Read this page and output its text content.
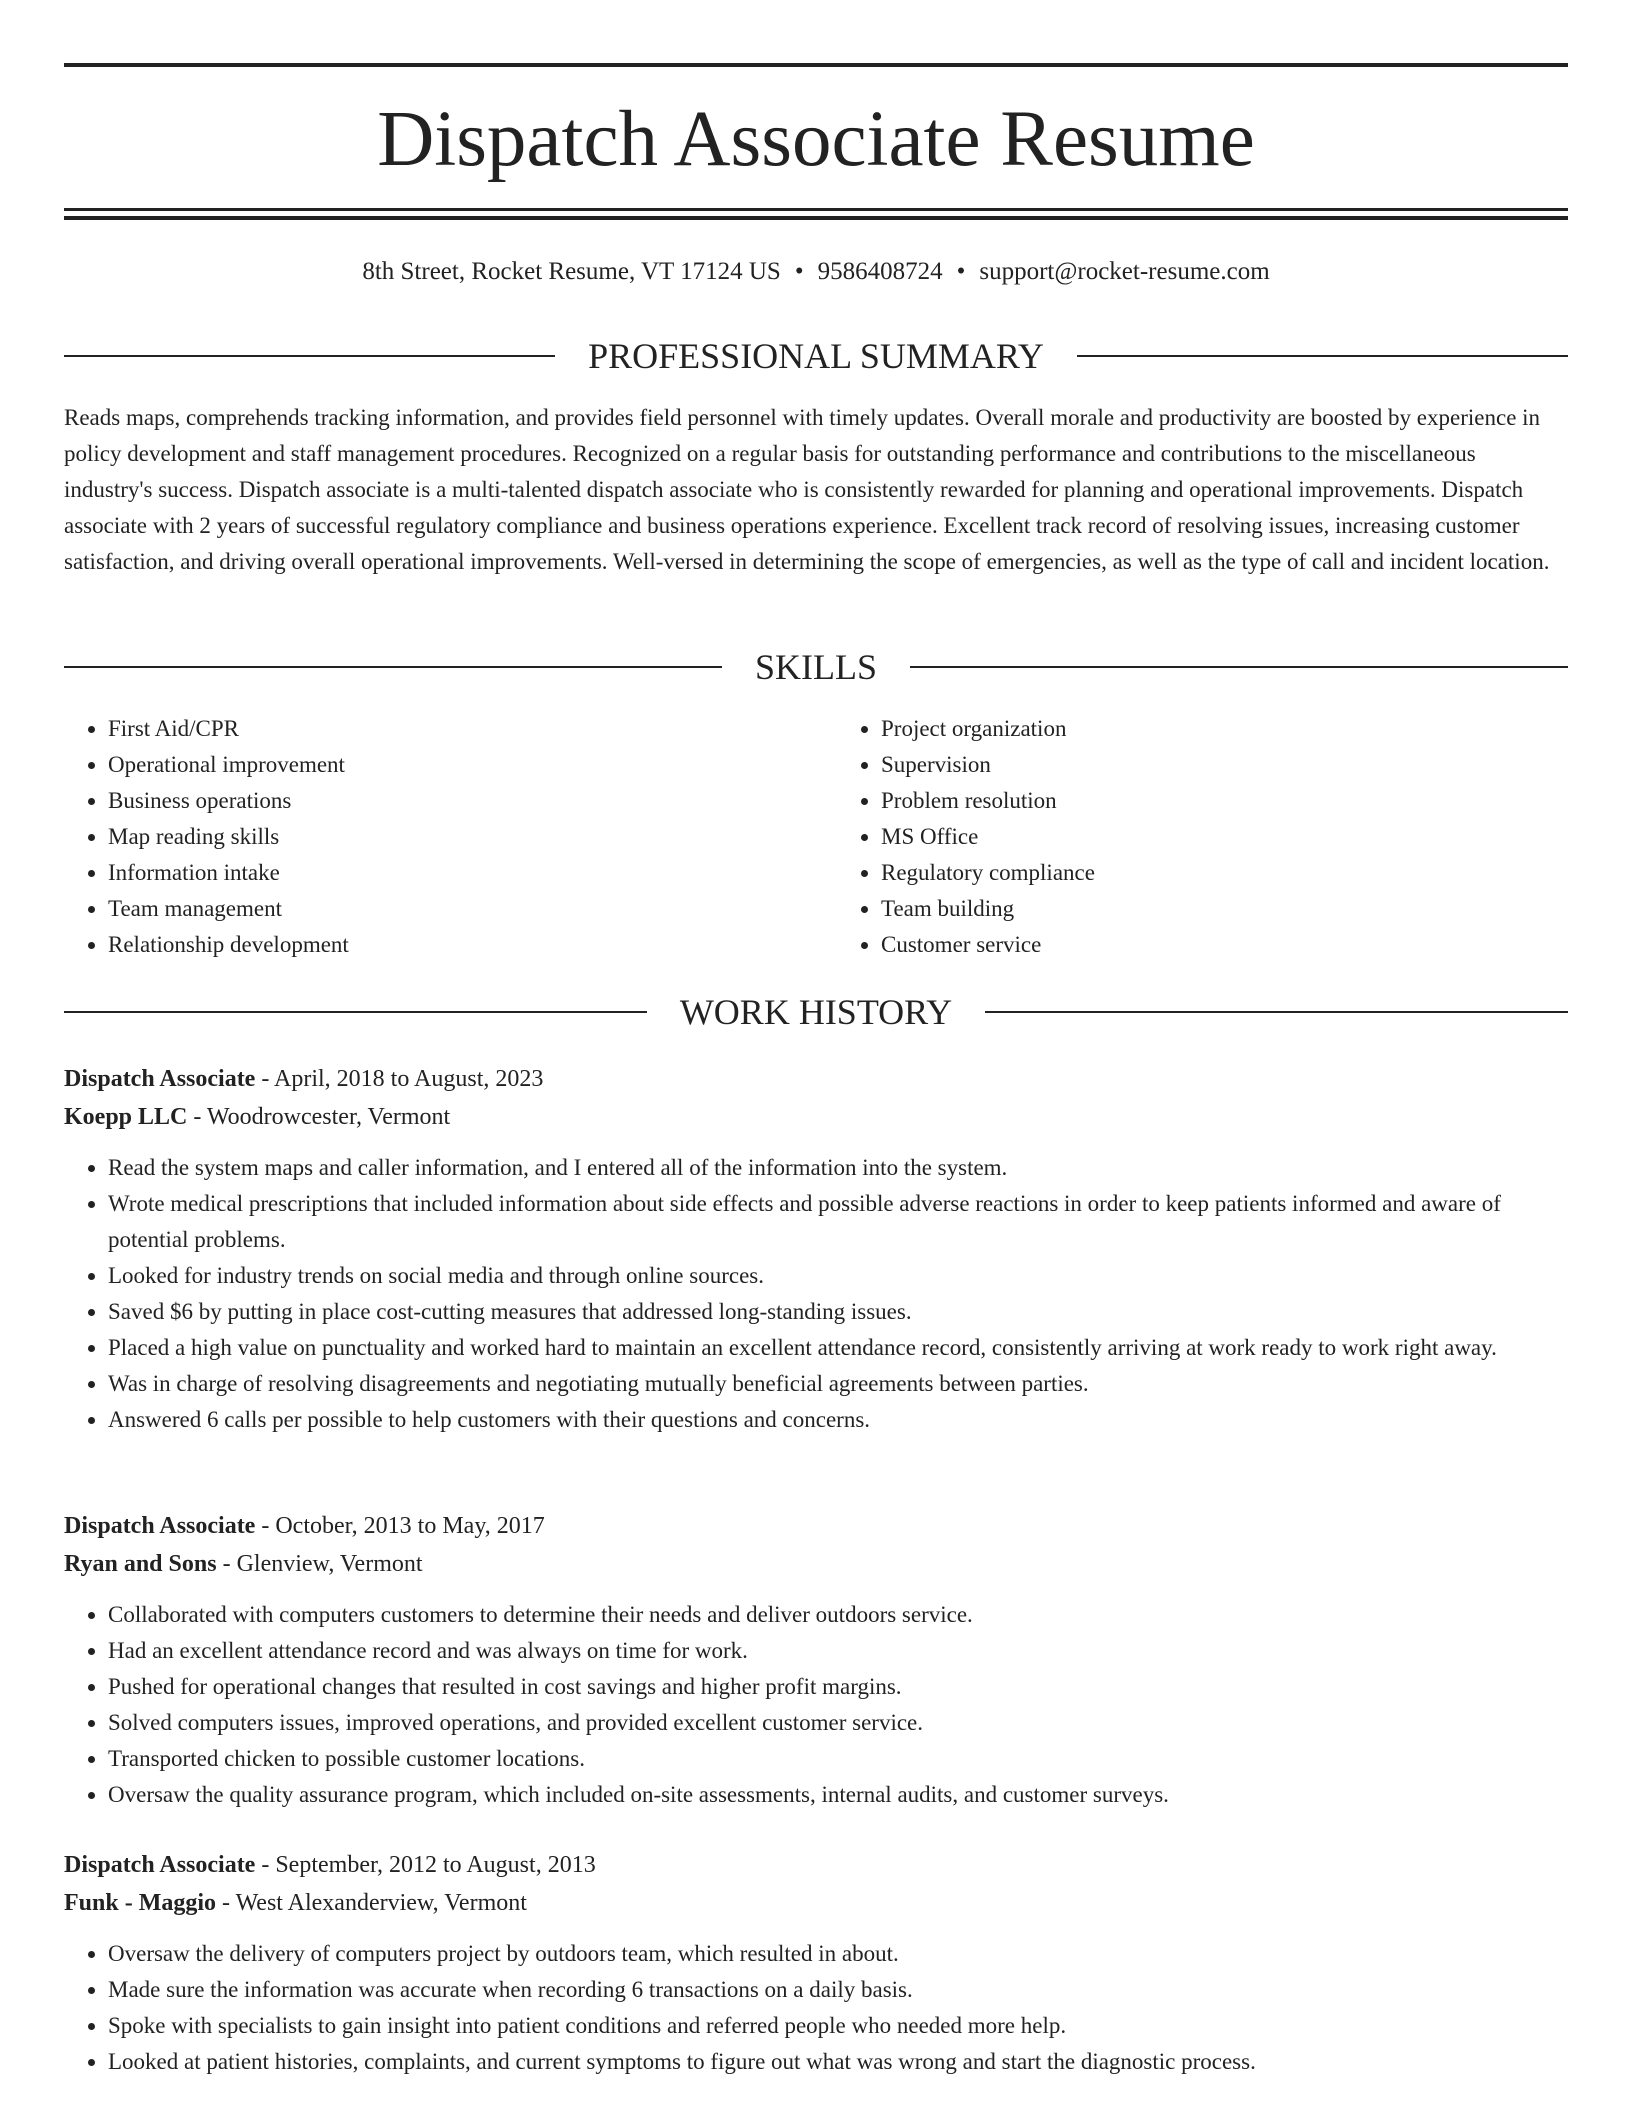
Dispatch Associate Resume
8th Street, Rocket Resume, VT 17124 US • 9586408724 • support@rocket-resume.com
PROFESSIONAL SUMMARY

Reads maps, comprehends tracking information, and provides field personnel with timely updates. Overall morale and productivity are boosted by experience in policy development and staff management procedures. Recognized on a regular basis for outstanding performance and contributions to the miscellaneous industry's success. Dispatch associate is a multi-talented dispatch associate who is consistently rewarded for planning and operational improvements. Dispatch associate with 2 years of successful regulatory compliance and business operations experience. Excellent track record of resolving issues, increasing customer satisfaction, and driving overall operational improvements. Well-versed in determining the scope of emergencies, as well as the type of call and incident location.

SKILLS
• First Aid/CPR
• Operational improvement
• Business operations
• Map reading skills
• Information intake
• Team management
• Relationship development
• Project organization
• Supervision
• Problem resolution
• MS Office
• Regulatory compliance
• Team building
• Customer service
WORK HISTORY
Dispatch Associate - April, 2018 to August, 2023
Koepp LLC - Woodrowcester, Vermont
• Read the system maps and caller information, and I entered all of the information into the system.
• Wrote medical prescriptions that included information about side effects and possible adverse reactions in order to keep patients informed and aware of potential problems.
• Looked for industry trends on social media and through online sources.
• Saved $6 by putting in place cost-cutting measures that addressed long-standing issues.
• Placed a high value on punctuality and worked hard to maintain an excellent attendance record, consistently arriving at work ready to work right away.
• Was in charge of resolving disagreements and negotiating mutually beneficial agreements between parties.
• Answered 6 calls per possible to help customers with their questions and concerns.
Dispatch Associate - October, 2013 to May, 2017
Ryan and Sons - Glenview, Vermont
• Collaborated with computers customers to determine their needs and deliver outdoors service.
• Had an excellent attendance record and was always on time for work.
• Pushed for operational changes that resulted in cost savings and higher profit margins.
• Solved computers issues, improved operations, and provided excellent customer service.
• Transported chicken to possible customer locations.
• Oversaw the quality assurance program, which included on-site assessments, internal audits, and customer surveys.
Dispatch Associate - September, 2012 to August, 2013
Funk - Maggio - West Alexanderview, Vermont
• Oversaw the delivery of computers project by outdoors team, which resulted in about.
• Made sure the information was accurate when recording 6 transactions on a daily basis.
• Spoke with specialists to gain insight into patient conditions and referred people who needed more help.
• Looked at patient histories, complaints, and current symptoms to figure out what was wrong and start the diagnostic process.
